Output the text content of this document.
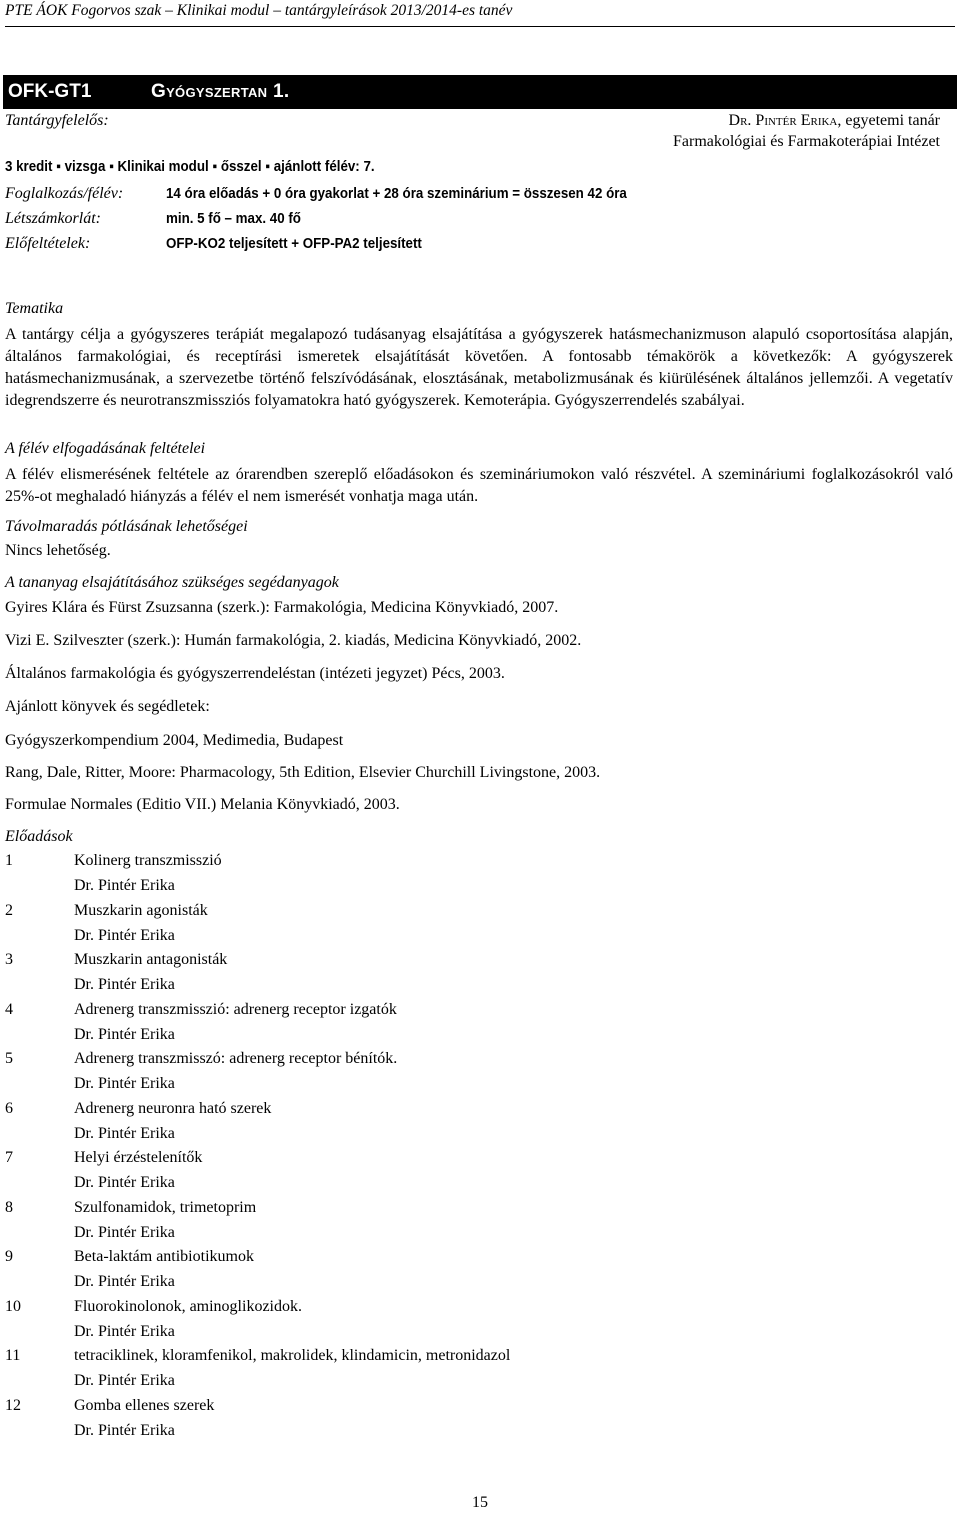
PTE ÁOK Fogorvos szak – Klinikai modul – tantárgyleírások 2013/2014-es tanév
OFK-GT1	Gyógyszertan 1.
Tantárgyfelelős:	Dr. Pintér Erika, egyetemi tanár
Farmakológiai és Farmakoterápiai Intézet
3 kredit ▪ vizsga ▪ Klinikai modul ▪ ősszel ▪ ajánlott félév: 7.
Foglalkozás/félév:	14 óra előadás + 0 óra gyakorlat + 28 óra szeminárium = összesen 42 óra
Létszámkorlát:	min. 5 fő – max. 40 fő
Előfeltételek:	OFP-KO2 teljesített + OFP-PA2 teljesített
Tematika
A tantárgy célja a gyógyszeres terápiát megalapozó tudásanyag elsajátítása a gyógyszerek hatásmechanizmuson alapuló csoportosítása alapján, általános farmakológiai, és receptírási ismeretek elsajátítását követően. A fontosabb témakörök a következők: A gyógyszerek hatásmechanizmusának, a szervezetbe történő felszívódásának, elosztásának, metabolizmusának és kiürülésének általános jellemzői. A vegetatív idegrendszerre és neurotranszmissziós folyamatokra ható gyógyszerek. Kemoterápia. Gyógyszerrendelés szabályai.
A félév elfogadásának feltételei
A félév elismerésének feltétele az órarendben szereplő előadásokon és szemináriumokon való részvétel. A szemináriumi foglalkozásokról való 25%-ot meghaladó hiányzás a félév el nem ismerését vonhatja maga után.
Távolmaradás pótlásának lehetőségei
Nincs lehetőség.
A tananyag elsajátításához szükséges segédanyagok
Gyires Klára és Fürst Zsuzsanna (szerk.): Farmakológia, Medicina Könyvkiadó, 2007.
Vizi E. Szilveszter (szerk.): Humán farmakológia, 2. kiadás, Medicina Könyvkiadó, 2002.
Általános farmakológia és gyógyszerrendeléstan (intézeti jegyzet) Pécs, 2003.
Ajánlott könyvek és segédletek:
Gyógyszerkompendium 2004, Medimedia, Budapest
Rang, Dale, Ritter, Moore: Pharmacology, 5th Edition, Elsevier Churchill Livingstone, 2003.
Formulae Normales (Editio VII.) Melania Könyvkiadó, 2003.
Előadások
1	Kolinerg transzmisszió
Dr. Pintér Erika
2	Muszkarin agonisták
Dr. Pintér Erika
3	Muszkarin antagonisták
Dr. Pintér Erika
4	Adrenerg transzmisszió: adrenerg receptor izgatók
Dr. Pintér Erika
5	Adrenerg transzmisszó: adrenerg receptor bénítók.
Dr. Pintér Erika
6	Adrenerg neuronra ható szerek
Dr. Pintér Erika
7	Helyi érzéstelenítők
Dr. Pintér Erika
8	Szulfonamidok, trimetoprim
Dr. Pintér Erika
9	Beta-laktám antibiotikumok
Dr. Pintér Erika
10	Fluorokinolonok, aminoglikozidok.
Dr. Pintér Erika
11	tetraciklinek, kloramfenikol, makrolidek, klindamicin, metronidazol
Dr. Pintér Erika
12	Gomba ellenes szerek
Dr. Pintér Erika
15
